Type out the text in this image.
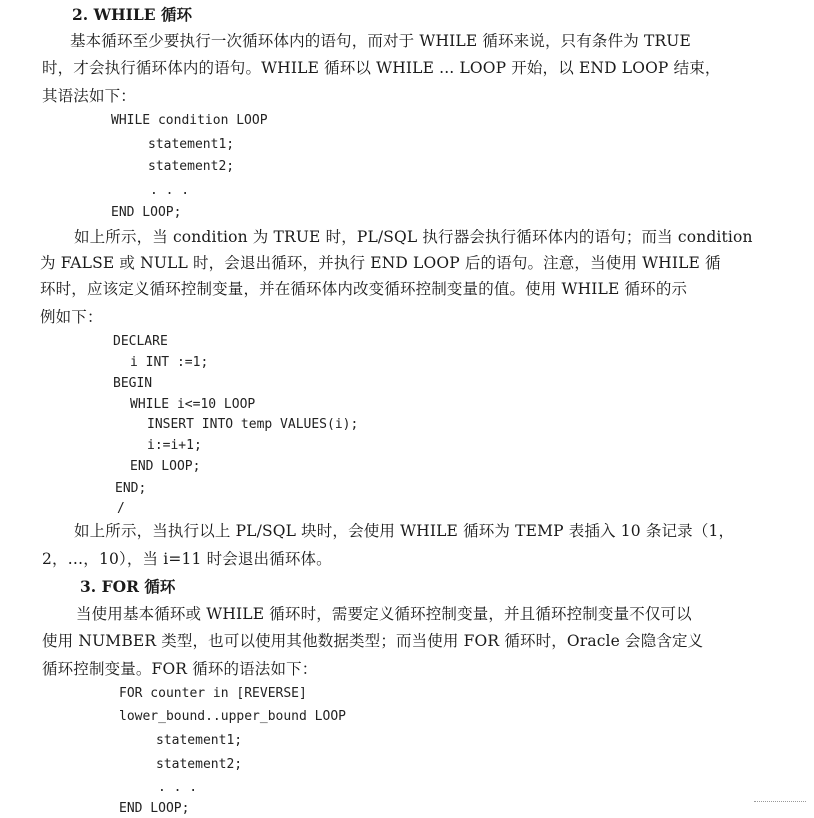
2. WHILE 循环
基本循环至少要执行一次循环体内的语句，而对于 WHILE 循环来说，只有条件为 TRUE
时，才会执行循环体内的语句。WHILE 循环以 WHILE ... LOOP 开始，以 END LOOP 结束，
其语法如下：
WHILE condition LOOP
statement1;
statement2;
. . .
END LOOP;
如上所示，当 condition 为 TRUE 时，PL/SQL 执行器会执行循环体内的语句；而当 condition
为 FALSE 或 NULL 时，会退出循环，并执行 END LOOP 后的语句。注意，当使用 WHILE 循
环时，应该定义循环控制变量，并在循环体内改变循环控制变量的值。使用 WHILE 循环的示
例如下：
DECLARE
i INT :=1;
BEGIN
WHILE i<=10 LOOP
INSERT INTO temp VALUES(i);
i:=i+1;
END LOOP;
END;
/
如上所示，当执行以上 PL/SQL 块时，会使用 WHILE 循环为 TEMP 表插入 10 条记录（1，
2，…，10），当 i=11 时会退出循环体。
3. FOR 循环
当使用基本循环或 WHILE 循环时，需要定义循环控制变量，并且循环控制变量不仅可以
使用 NUMBER 类型，也可以使用其他数据类型；而当使用 FOR 循环时，Oracle 会隐含定义
循环控制变量。FOR 循环的语法如下：
FOR counter in [REVERSE]
lower_bound..upper_bound LOOP
statement1;
statement2;
. . .
END LOOP;
